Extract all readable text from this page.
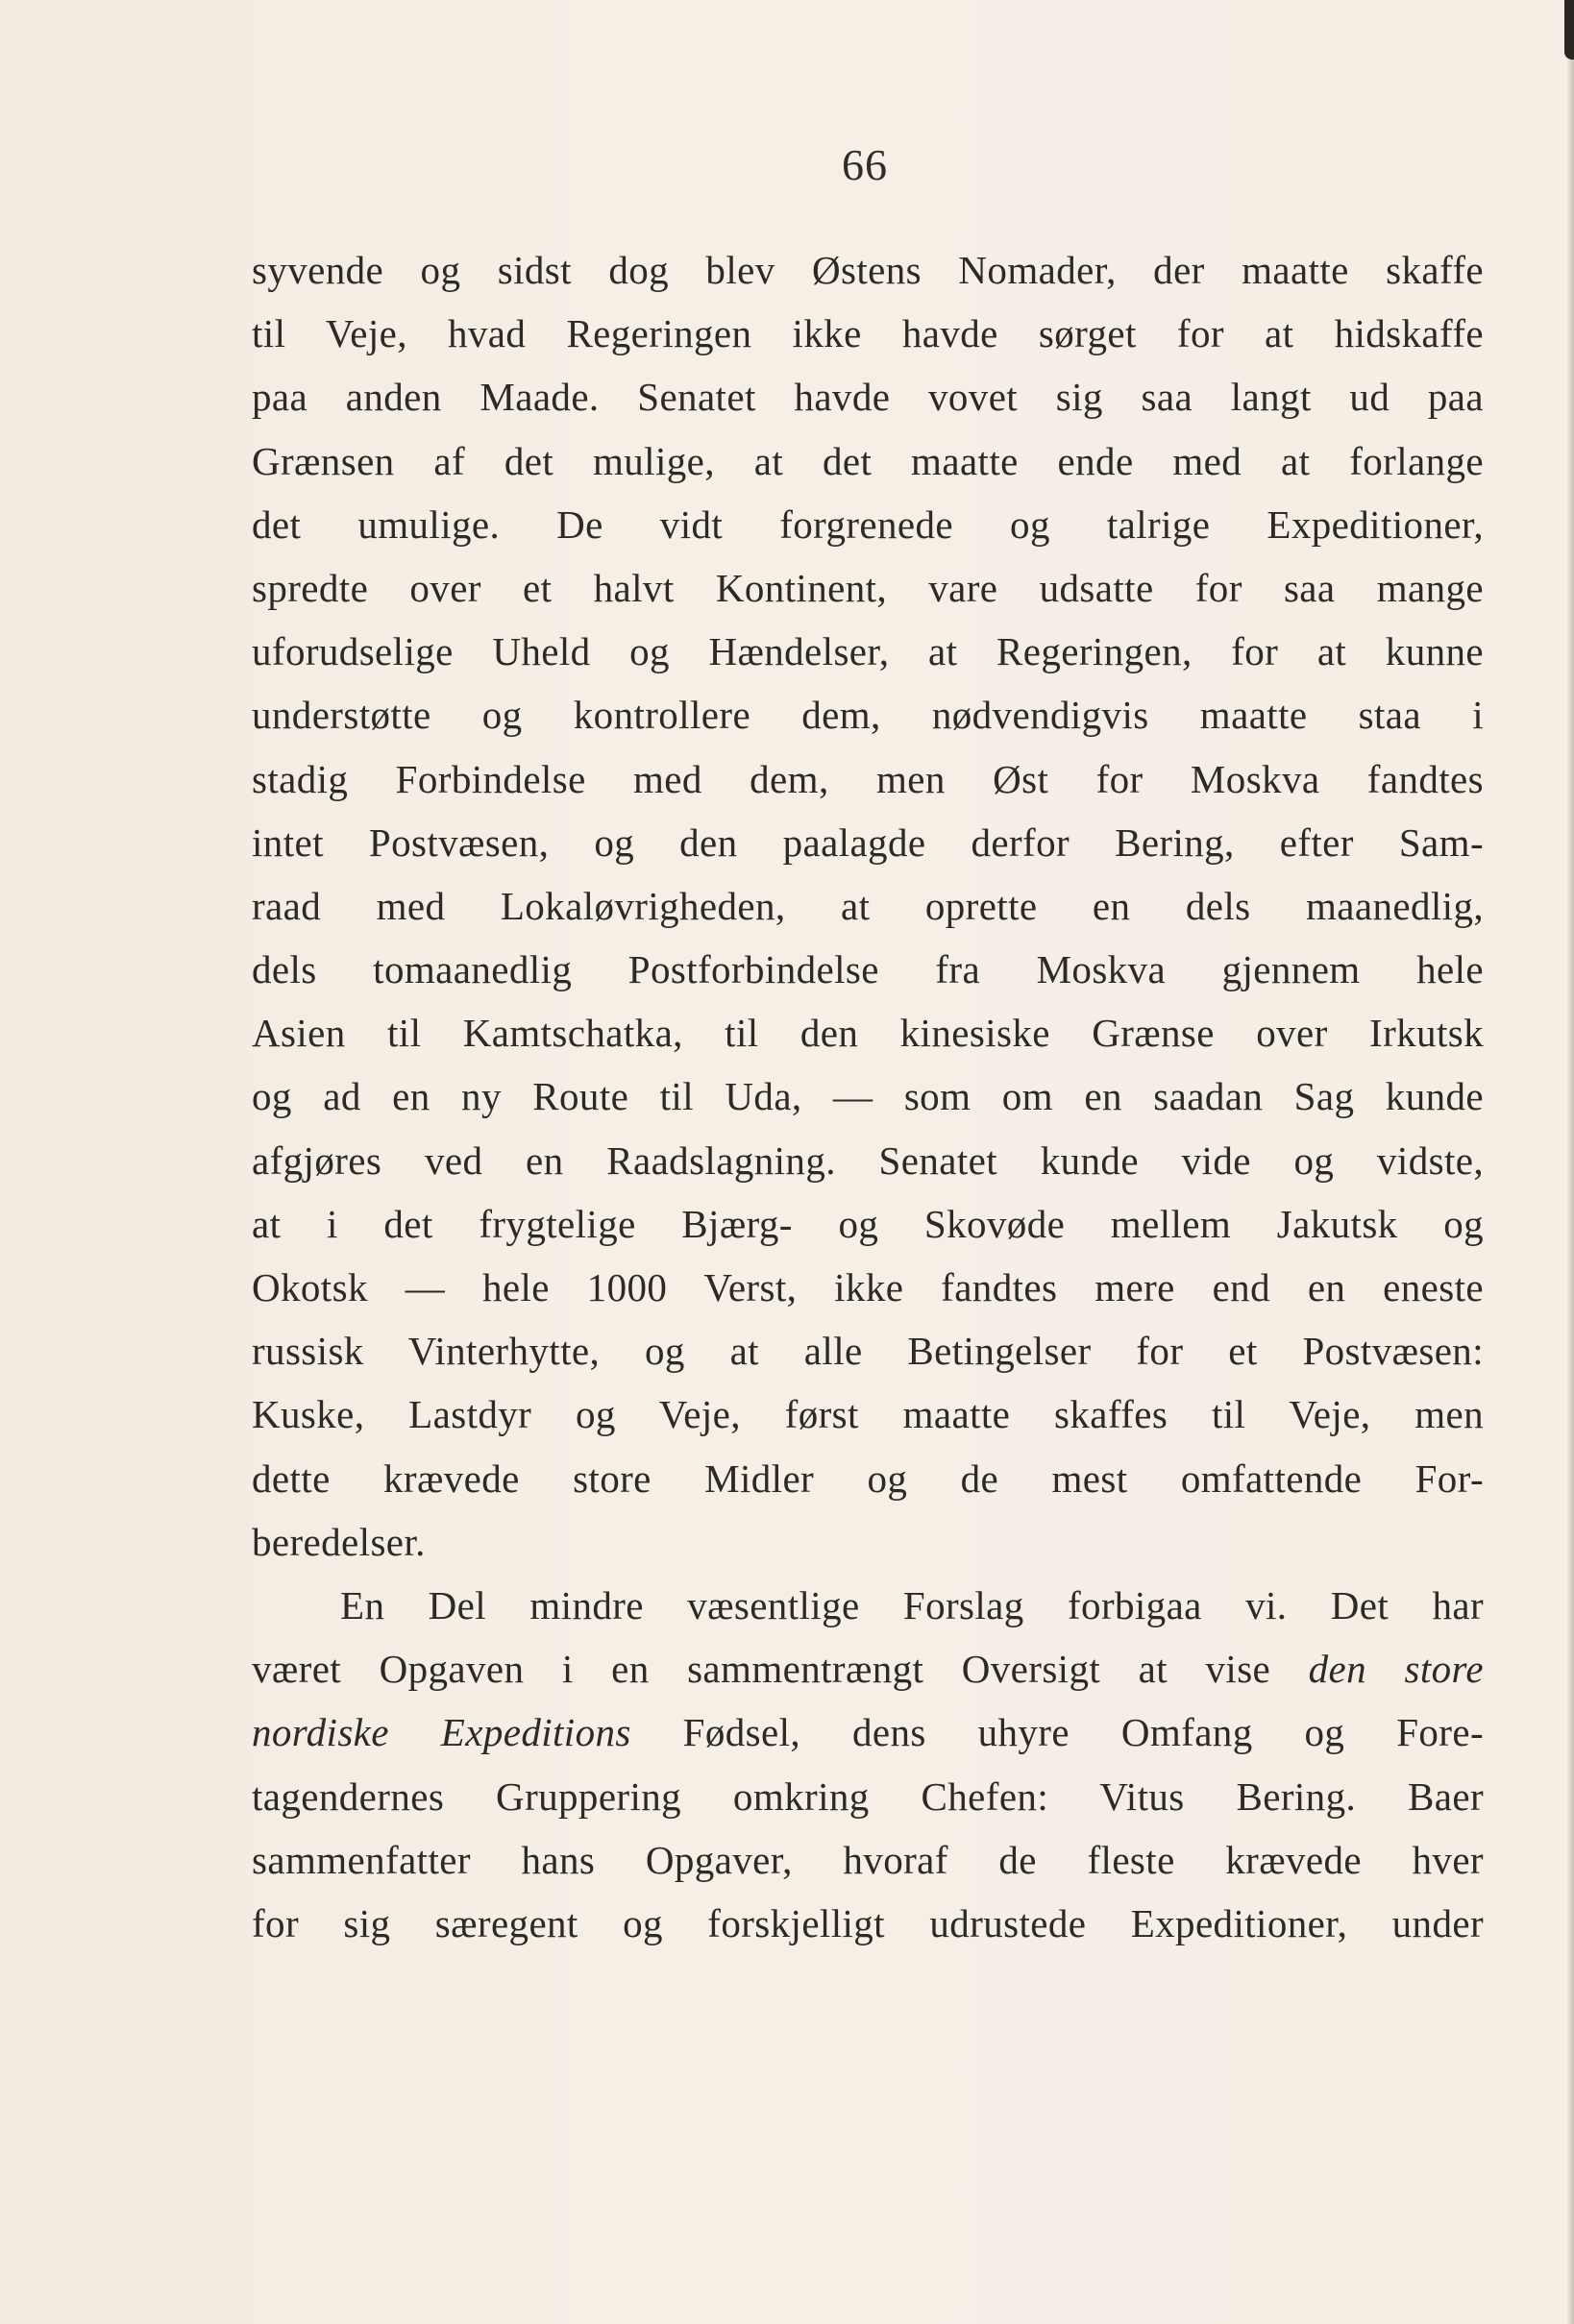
66
syvende og sidst dog blev Østens Nomader, der maatte skaffe
til Veje, hvad Regeringen ikke havde sørget for at hidskaffe
paa anden Maade. Senatet havde vovet sig saa langt ud paa
Grænsen af det mulige, at det maatte ende med at forlange
det umulige. De vidt forgrenede og talrige Expeditioner,
spredte over et halvt Kontinent, vare udsatte for saa mange
uforudselige Uheld og Hændelser, at Regeringen, for at kunne
understøtte og kontrollere dem, nødvendigvis maatte staa i
stadig Forbindelse med dem, men Øst for Moskva fandtes
intet Postvæsen, og den paalagde derfor Bering, efter Sam-
raad med Lokaløvrigheden, at oprette en dels maanedlig,
dels tomaanedlig Postforbindelse fra Moskva gjennem hele
Asien til Kamtschatka, til den kinesiske Grænse over Irkutsk
og ad en ny Route til Uda, — som om en saadan Sag kunde
afgjøres ved en Raadslagning. Senatet kunde vide og vidste,
at i det frygtelige Bjærg- og Skovøde mellem Jakutsk og
Okotsk — hele 1000 Verst, ikke fandtes mere end en eneste
russisk Vinterhytte, og at alle Betingelser for et Postvæsen:
Kuske, Lastdyr og Veje, først maatte skaffes til Veje, men
dette krævede store Midler og de mest omfattende For-
beredelser.
En Del mindre væsentlige Forslag forbigaa vi. Det har
været Opgaven i en sammentrængt Oversigt at vise den store
nordiske Expeditions Fødsel, dens uhyre Omfang og Fore-
tagendernes Gruppering omkring Chefen: Vitus Bering. Baer
sammenfatter hans Opgaver, hvoraf de fleste krævede hver
for sig særegent og forskjelligt udrustede Expeditioner, under
